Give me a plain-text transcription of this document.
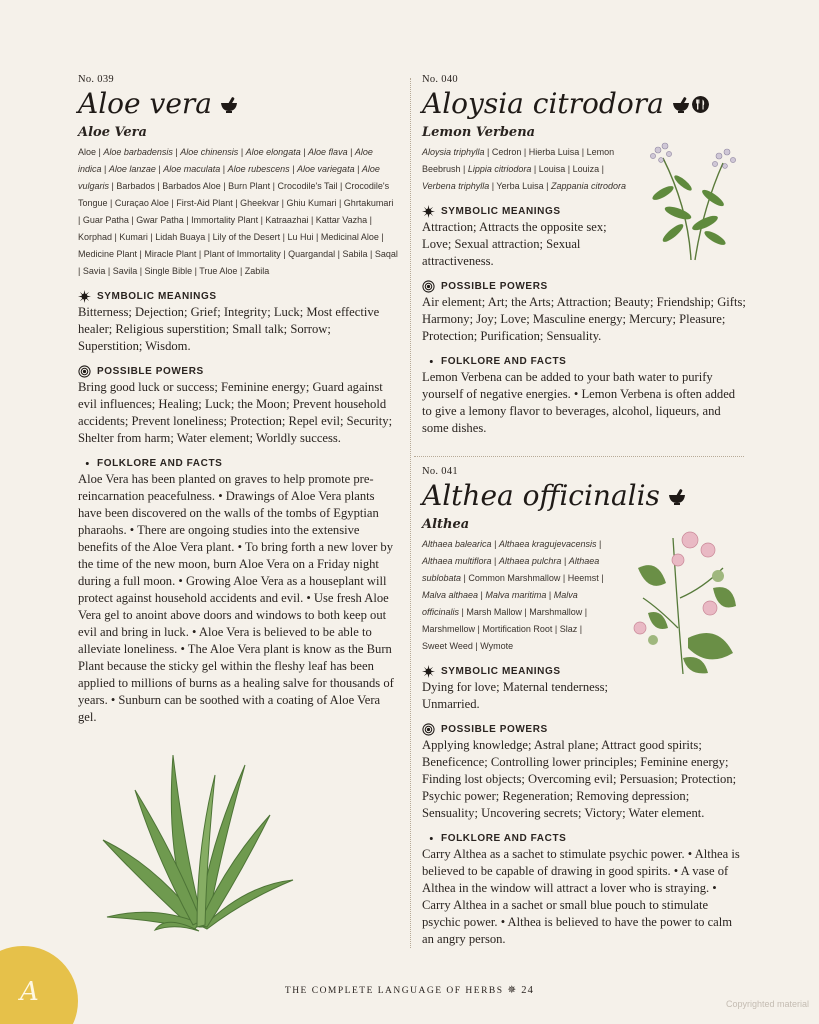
No. 039
Aloe vera
Aloe Vera
Aloe | Aloe barbadensis | Aloe chinensis | Aloe elongata | Aloe flava | Aloe indica | Aloe lanzae | Aloe maculata | Aloe rubescens | Aloe variegata | Aloe vulgaris | Barbados | Barbados Aloe | Burn Plant | Crocodile's Tail | Crocodile's Tongue | Curaçao Aloe | First-Aid Plant | Gheekvar | Ghiu Kumari | Ghrtakumari | Guar Patha | Gwar Patha | Immortality Plant | Katraazhai | Kattar Vazha | Korphad | Kumari | Lidah Buaya | Lily of the Desert | Lu Hui | Medicinal Aloe | Medicine Plant | Miracle Plant | Plant of Immortality | Quargandal | Sabila | Saqal | Savia | Savila | Single Bible | True Aloe | Zabila
SYMBOLIC MEANINGS
Bitterness; Dejection; Grief; Integrity; Luck; Most effective healer; Religious superstition; Small talk; Sorrow; Superstition; Wisdom.
POSSIBLE POWERS
Bring good luck or success; Feminine energy; Guard against evil influences; Healing; Luck; the Moon; Prevent household accidents; Prevent loneliness; Protection; Repel evil; Security; Shelter from harm; Water element; Worldly success.
FOLKLORE AND FACTS
Aloe Vera has been planted on graves to help promote pre-reincarnation peacefulness. • Drawings of Aloe Vera plants have been discovered on the walls of the tombs of Egyptian pharaohs. • There are ongoing studies into the extensive benefits of the Aloe Vera plant. • To bring forth a new lover by the time of the new moon, burn Aloe Vera on a Friday night during a full moon. • Growing Aloe Vera as a houseplant will protect against household accidents and evil. • Use fresh Aloe Vera gel to anoint above doors and windows to both keep out evil and bring in luck. • Aloe Vera is believed to be able to alleviate loneliness. • The Aloe Vera plant is know as the Burn Plant because the sticky gel within the fleshy leaf has been applied to millions of burns as a healing salve for thousands of years. • Sunburn can be soothed with a coating of Aloe Vera gel.
No. 040
Aloysia citrodora
Lemon Verbena
Aloysia triphylla | Cedron | Hierba Luisa | Lemon Beebrush | Lippia citriodora | Louisa | Louiza | Verbena triphylla | Yerba Luisa | Zappania citrodora
SYMBOLIC MEANINGS
Attraction; Attracts the opposite sex; Love; Sexual attraction; Sexual attractiveness.
POSSIBLE POWERS
Air element; Art; the Arts; Attraction; Beauty; Friendship; Gifts; Harmony; Joy; Love; Masculine energy; Mercury; Pleasure; Protection; Purification; Sensuality.
FOLKLORE AND FACTS
Lemon Verbena can be added to your bath water to purify yourself of negative energies. • Lemon Verbena is often added to give a lemony flavor to beverages, alcohol, liqueurs, and some dishes.
No. 041
Althea officinalis
Althea
Althaea balearica | Althaea kragujevacensis | Althaea multiflora | Althaea pulchra | Althaea sublobata | Common Marshmallow | Heemst | Malva althaea | Malva maritima | Malva officinalis | Marsh Mallow | Marshmallow | Marshmellow | Mortification Root | Slaz | Sweet Weed | Wymote
SYMBOLIC MEANINGS
Dying for love; Maternal tenderness; Unmarried.
POSSIBLE POWERS
Applying knowledge; Astral plane; Attract good spirits; Beneficence; Controlling lower principles; Feminine energy; Finding lost objects; Overcoming evil; Persuasion; Protection; Psychic power; Regeneration; Removing depression; Sensuality; Uncovering secrets; Victory; Water element.
FOLKLORE AND FACTS
Carry Althea as a sachet to stimulate psychic power. • Althea is believed to be capable of drawing in good spirits. • A vase of Althea in the window will attract a lover who is straying. • Carry Althea in a sachet or small blue pouch to stimulate psychic power. • Althea is believed to have the power to calm an angry person.
THE COMPLETE LANGUAGE OF HERBS ✵ 24
A	Copyrighted material
